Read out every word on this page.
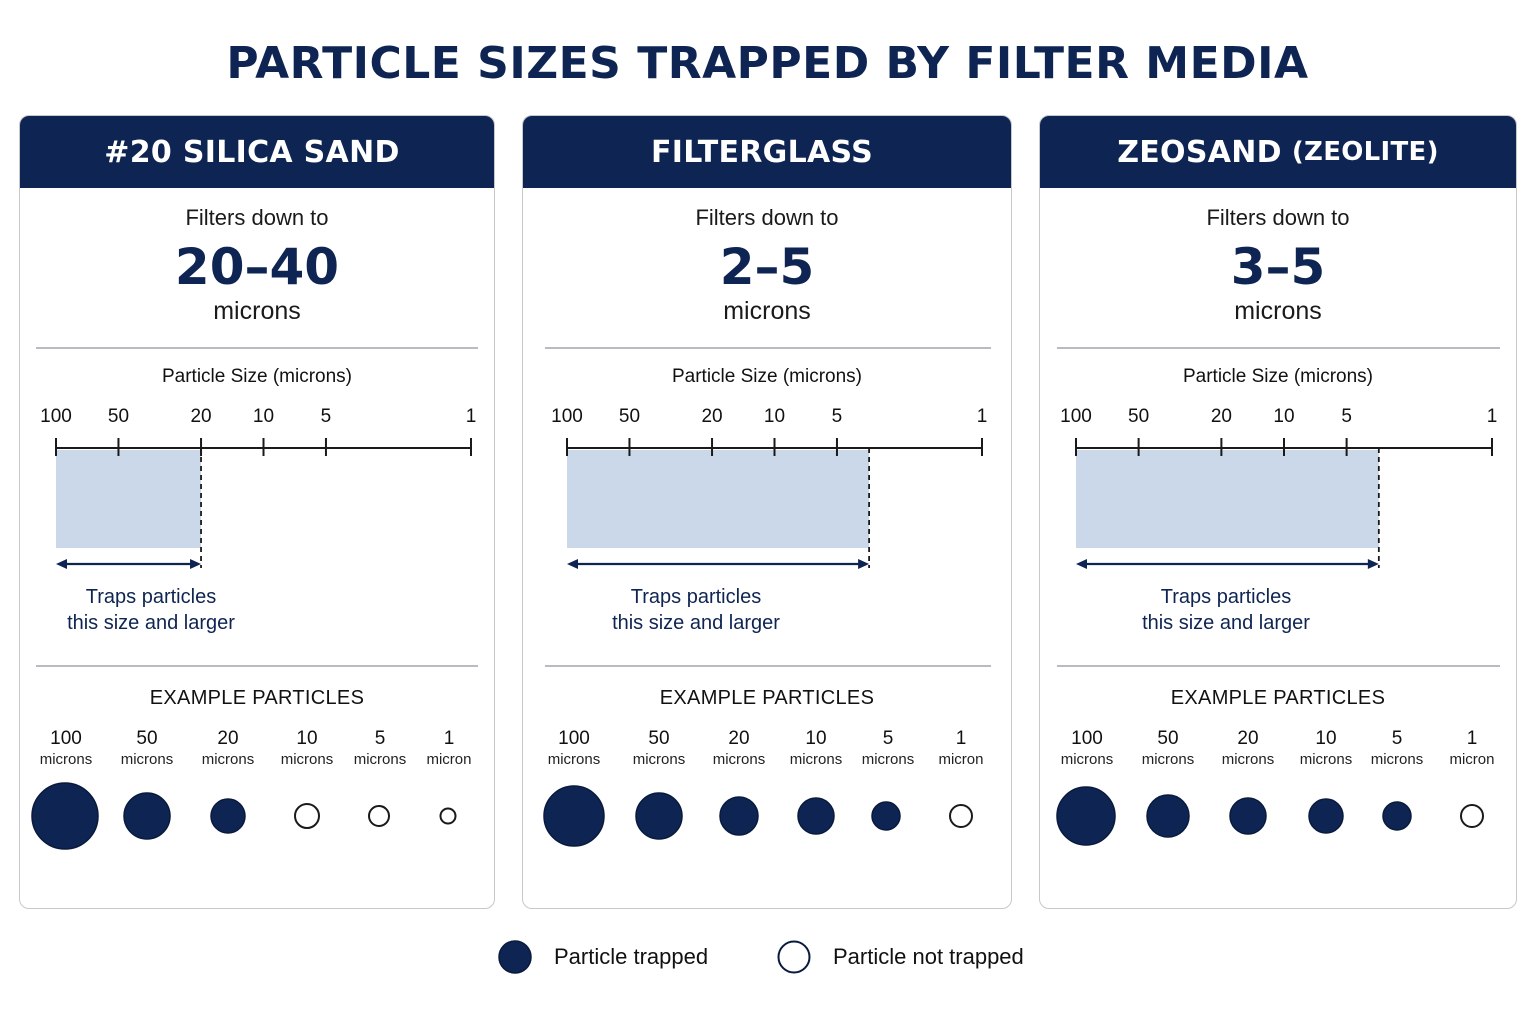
PARTICLE SIZES TRAPPED BY FILTER MEDIA
#20 SILICA SAND
Filters down to
20–40
microns
Particle Size (microns)
100 50	20 10 5	1
Traps particles
this size and larger
EXAMPLE PARTICLES
100
microns
50
microns
20
microns
10
microns
5
microns
1
micron
FILTERGLASS
Filters down to
2–5
microns
Particle Size (microns)
100 50	20 10 5	1
Traps particles
this size and larger
EXAMPLE PARTICLES
100
microns
50
microns
20
microns
10
microns
5
microns
1
micron
ZEOSAND (ZEOLITE)
Filters down to
3–5
microns
Particle Size (microns)
100 50	20 10 5	1
Traps particles
this size and larger
EXAMPLE PARTICLES
100
microns
50
microns
20
microns
10
microns
5
microns
1
micron
Particle trapped	Particle not trapped
